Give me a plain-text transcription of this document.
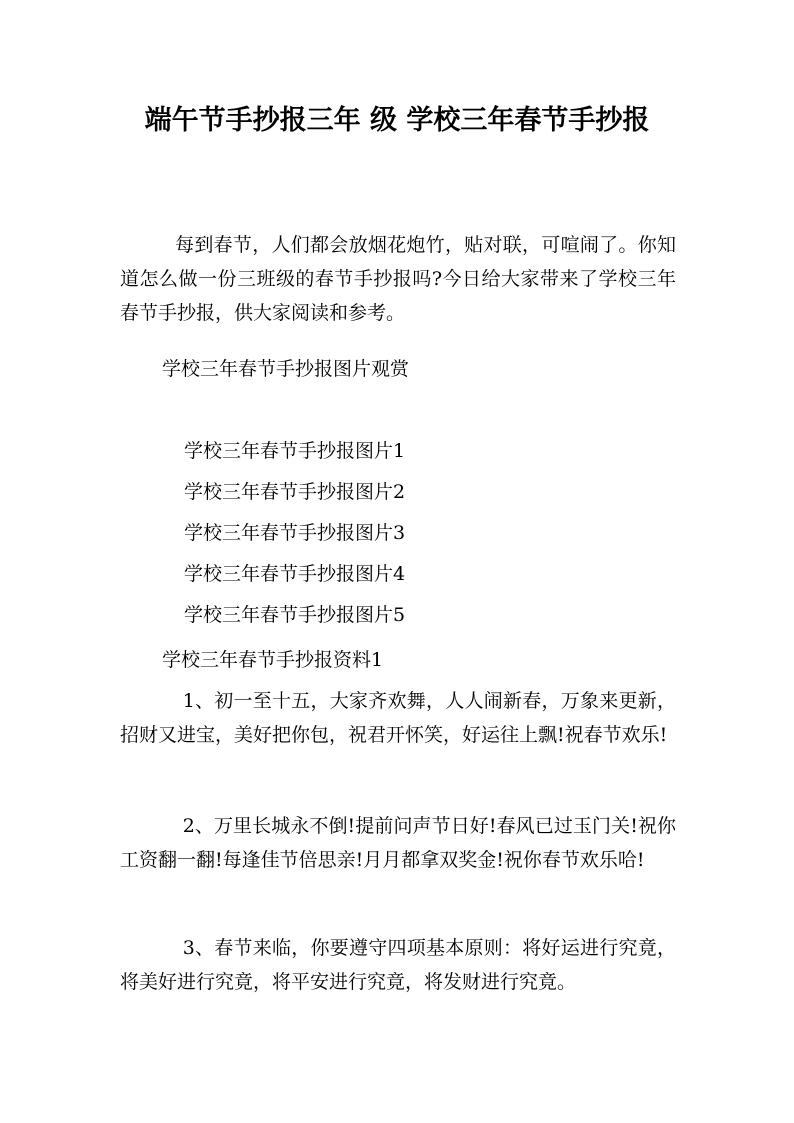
端午节手抄报三年 级 学校三年春节手抄报

每到春节，人们都会放烟花炮竹，贴对联，可喧闹了。你知道怎么做一份三班级的春节手抄报吗?今日给大家带来了学校三年春节手抄报，供大家阅读和参考。

学校三年春节手抄报图片观赏

学校三年春节手抄报图片1
学校三年春节手抄报图片2
学校三年春节手抄报图片3
学校三年春节手抄报图片4
学校三年春节手抄报图片5

学校三年春节手抄报资料1

1、初一至十五，大家齐欢舞，人人闹新春，万象来更新，招财又进宝，美好把你包，祝君开怀笑，好运往上飘!祝春节欢乐!

2、万里长城永不倒!提前问声节日好!春风已过玉门关!祝你工资翻一翻!每逢佳节倍思亲!月月都拿双奖金!祝你春节欢乐哈!

3、春节来临，你要遵守四项基本原则：将好运进行究竟，将美好进行究竟，将平安进行究竟，将发财进行究竟。
